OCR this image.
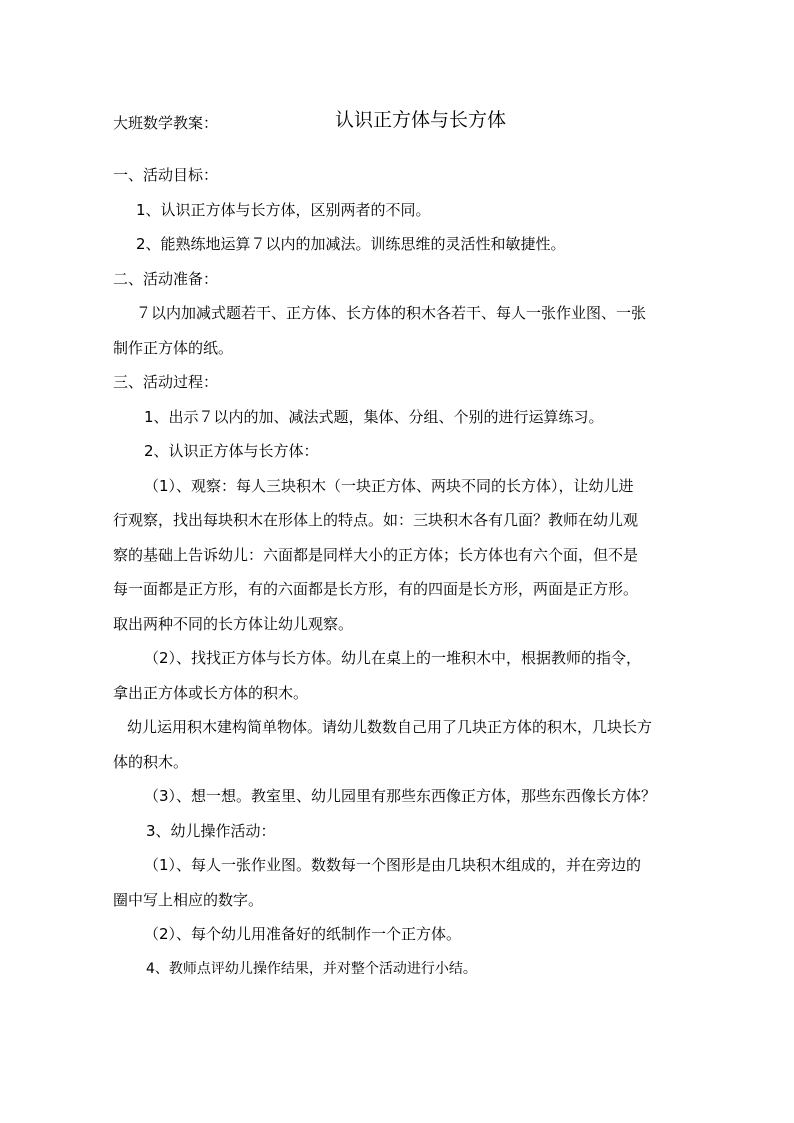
大班数学教案：	认识正方体与长方体
一、活动目标：
1、认识正方体与长方体，区别两者的不同。
2、能熟练地运算７以内的加减法。训练思维的灵活性和敏捷性。
二、活动准备：
７以内加减式题若干、正方体、长方体的积木各若干、每人一张作业图、一张
制作正方体的纸。
三、活动过程：
1、出示７以内的加、减法式题，集体、分组、个别的进行运算练习。
2、认识正方体与长方体：
（1）、观察：每人三块积木（一块正方体、两块不同的长方体），让幼儿进
行观察，找出每块积木在形体上的特点。如：三块积木各有几面？教师在幼儿观
察的基础上告诉幼儿：六面都是同样大小的正方体；长方体也有六个面，但不是
每一面都是正方形，有的六面都是长方形，有的四面是长方形，两面是正方形。
取出两种不同的长方体让幼儿观察。
（2）、找找正方体与长方体。幼儿在桌上的一堆积木中，根据教师的指令，
拿出正方体或长方体的积木。
幼儿运用积木建构简单物体。请幼儿数数自己用了几块正方体的积木，几块长方
体的积木。
（3）、想一想。教室里、幼儿园里有那些东西像正方体，那些东西像长方体？
3、幼儿操作活动：
（1）、每人一张作业图。数数每一个图形是由几块积木组成的，并在旁边的
圈中写上相应的数字。
（2）、每个幼儿用准备好的纸制作一个正方体。
4、教师点评幼儿操作结果，并对整个活动进行小结。
